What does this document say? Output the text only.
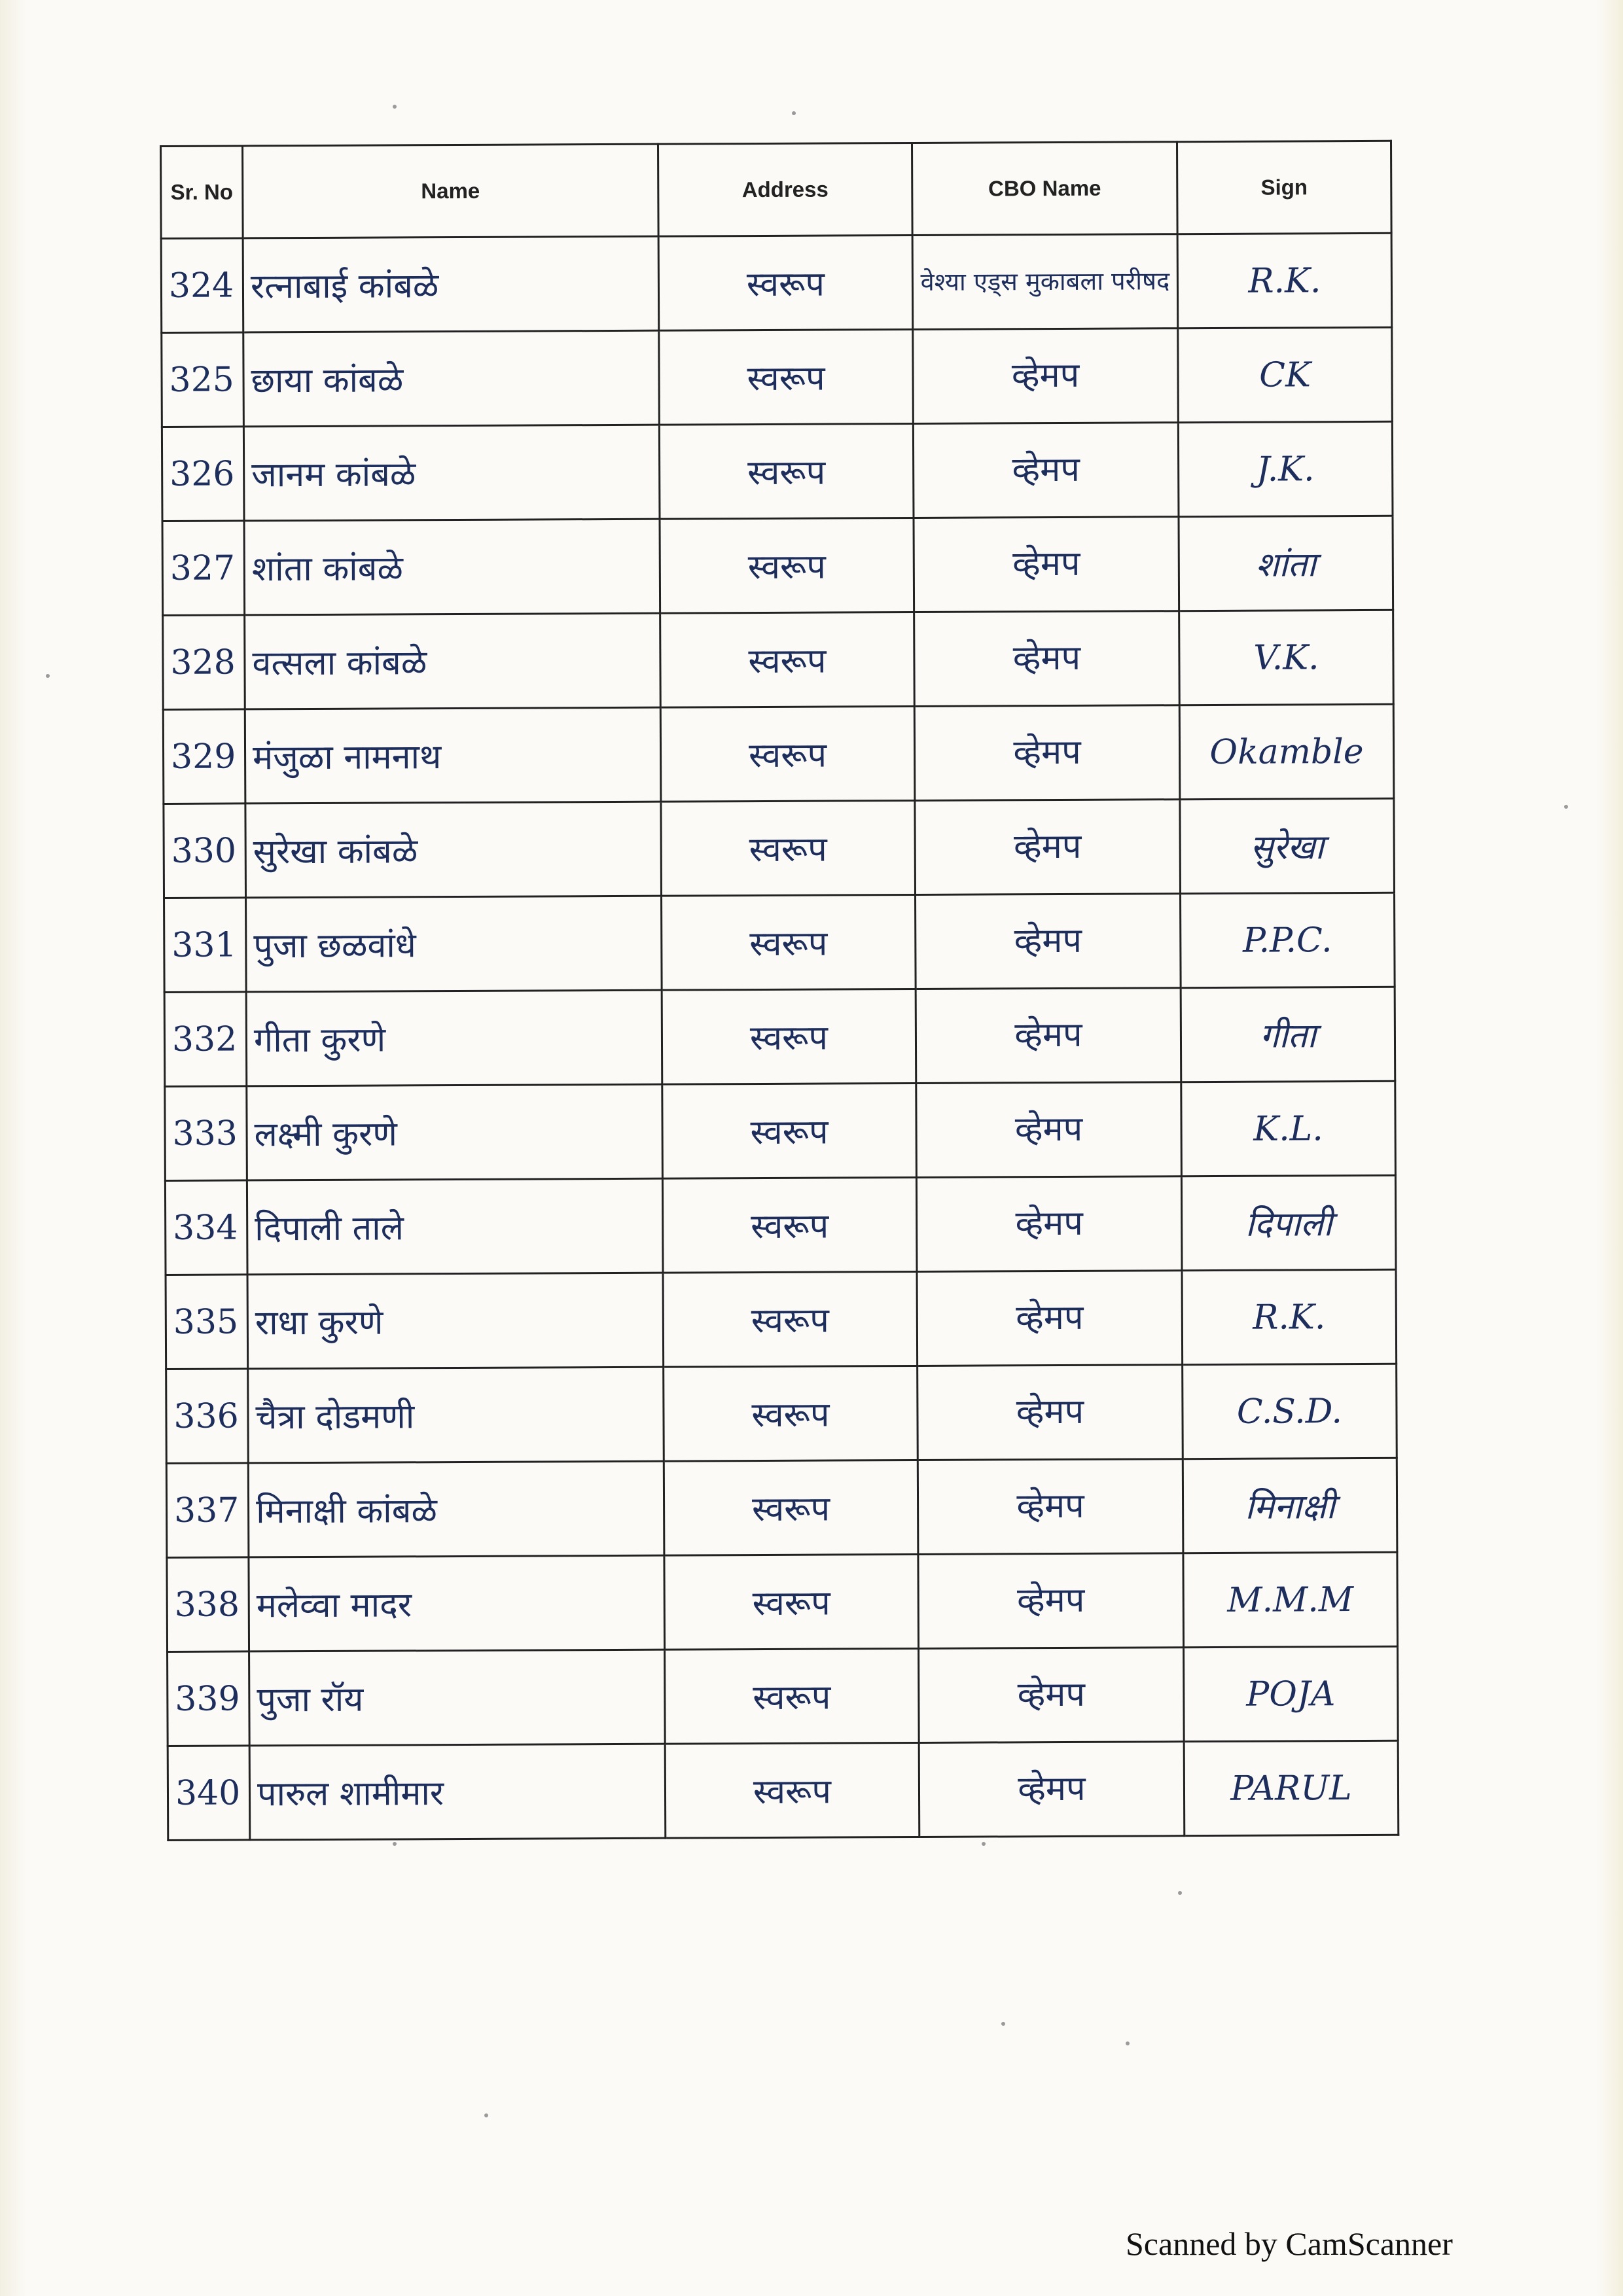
Sr. No	Name	Address	CBO Name	Sign
324	रत्नाबाई कांबळे	स्वरूप	वेश्या एड्स मुकाबला परीषद	R.K.
325	छाया कांबळे	स्वरूप	व्हेमप	CK
326	जानम कांबळे	स्वरूप	व्हेमप	J.K.
327	शांता कांबळे	स्वरूप	व्हेमप	शांता
328	वत्सला कांबळे	स्वरूप	व्हेमप	V.K.
329	मंजुळा नामनाथ	स्वरूप	व्हेमप	Okamble
330	सुरेखा कांबळे	स्वरूप	व्हेमप	सुरेखा
331	पुजा छळवांधे	स्वरूप	व्हेमप	P.P.C.
332	गीता कुरणे	स्वरूप	व्हेमप	गीता
333	लक्ष्मी कुरणे	स्वरूप	व्हेमप	K.L.
334	दिपाली ताले	स्वरूप	व्हेमप	दिपाली
335	राधा कुरणे	स्वरूप	व्हेमप	R.K.
336	चैत्रा दोडमणी	स्वरूप	व्हेमप	C.S.D.
337	मिनाक्षी कांबळे	स्वरूप	व्हेमप	मिनाक्षी
338	मलेव्वा मादर	स्वरूप	व्हेमप	M.M.M
339	पुजा रॉय	स्वरूप	व्हेमप	POJA
340	पारुल शामीमार	स्वरूप	व्हेमप	PARUL
Scanned by CamScanner
